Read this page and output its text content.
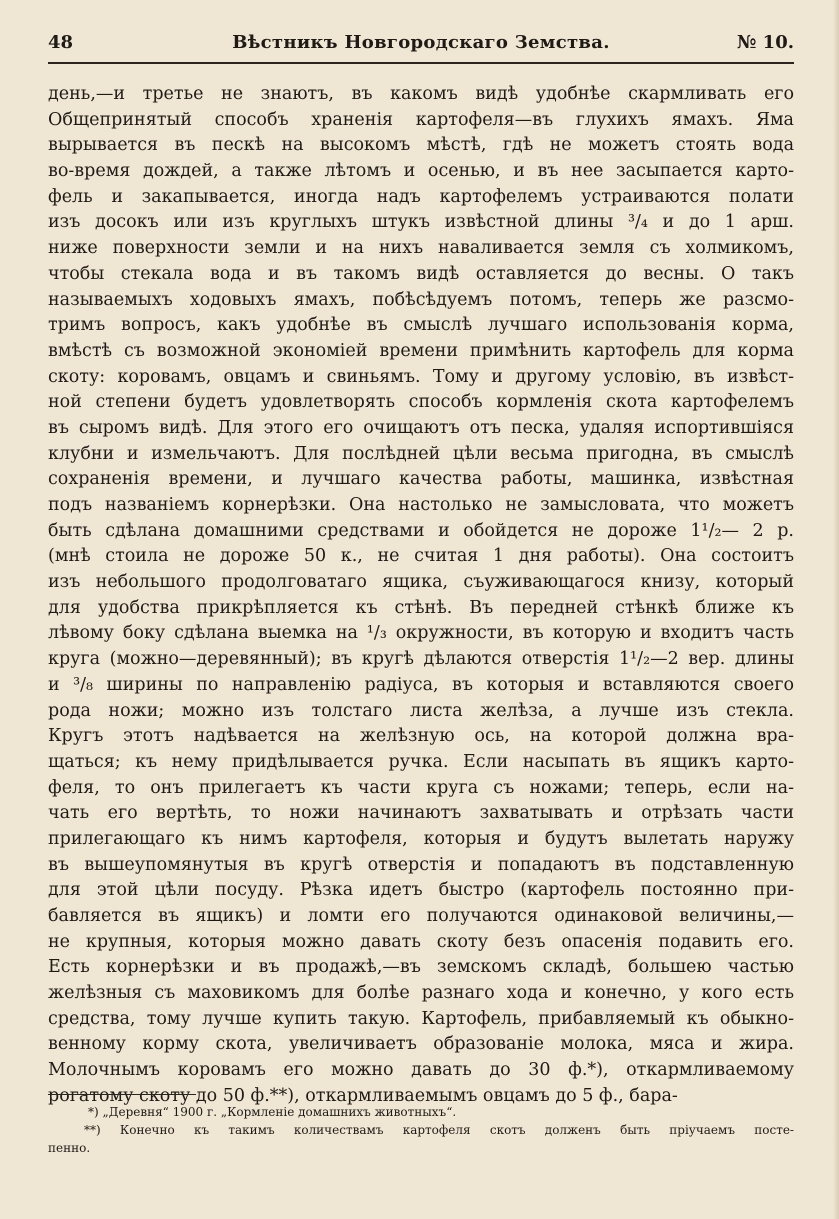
48	Вѣстникъ Новгородскаго Земства.	№ 10.
день,—и третье не знаютъ, въ какомъ видѣ удобнѣе скармливать его
Общепринятый способъ храненія картофеля—въ глухихъ ямахъ. Яма
вырывается въ пескѣ на высокомъ мѣстѣ, гдѣ не можетъ стоять вода
во-время дождей, а также лѣтомъ и осенью, и въ нее засыпается карто-
фель и закапывается, иногда надъ картофелемъ устраиваются полати
изъ досокъ или изъ круглыхъ штукъ извѣстной длины ³/₄ и до 1 арш.
ниже поверхности земли и на нихъ наваливается земля съ холмикомъ,
чтобы стекала вода и въ такомъ видѣ оставляется до весны. О такъ
называемыхъ ходовыхъ ямахъ, побѣсѣдуемъ потомъ, теперь же разсмо-
тримъ вопросъ, какъ удобнѣе въ смыслѣ лучшаго использованія корма,
вмѣстѣ съ возможной экономіей времени примѣнить картофель для корма
скоту: коровамъ, овцамъ и свиньямъ. Тому и другому условію, въ извѣст-
ной степени будетъ удовлетворять способъ кормленія скота картофелемъ
въ сыромъ видѣ. Для этого его очищаютъ отъ песка, удаляя испортившіяся
клубни и измельчаютъ. Для послѣдней цѣли весьма пригодна, въ смыслѣ
сохраненія времени, и лучшаго качества работы, машинка, извѣстная
подъ названіемъ корнерѣзки. Она настолько не замысловата, что можетъ
быть сдѣлана домашними средствами и обойдется не дороже 1¹/₂— 2 р.
(мнѣ стоила не дороже 50 к., не считая 1 дня работы). Она состоитъ
изъ небольшого продолговатаго ящика, съуживающагося книзу, который
для удобства прикрѣпляется къ стѣнѣ. Въ передней стѣнкѣ ближе къ
лѣвому боку сдѣлана выемка на ¹/₃ окружности, въ которую и входитъ часть
круга (можно—деревянный); въ кругѣ дѣлаются отверстія 1¹/₂—2 вер. длины
и ³/₈ ширины по направленію радіуса, въ которыя и вставляются своего
рода ножи; можно изъ толстаго листа желѣза, а лучше изъ стекла.
Кругъ этотъ надѣвается на желѣзную ось, на которой должна вра-
щаться; къ нему придѣлывается ручка. Если насыпать въ ящикъ карто-
феля, то онъ прилегаетъ къ части круга съ ножами; теперь, если на-
чать его вертѣть, то ножи начинаютъ захватывать и отрѣзать части
прилегающаго къ нимъ картофеля, которыя и будутъ вылетать наружу
въ вышеупомянутыя въ кругѣ отверстія и попадаютъ въ подставленную
для этой цѣли посуду. Рѣзка идетъ быстро (картофель постоянно при-
бавляется въ ящикъ) и ломти его получаются одинаковой величины,—
не крупныя, которыя можно давать скоту безъ опасенія подавить его.
Есть корнерѣзки и въ продажѣ,—въ земскомъ складѣ, большею частью
желѣзныя съ маховикомъ для болѣе разнаго хода и конечно, у кого есть
средства, тому лучше купить такую. Картофель, прибавляемый къ обыкно-
венному корму скота, увеличиваетъ образованіе молока, мяса и жира.
Молочнымъ коровамъ его можно давать до 30 ф.*), откармливаемому
рогатому скоту до 50 ф.**), откармливаемымъ овцамъ до 5 ф., бара-
*) „Деревня“ 1900 г. „Кормленіе домашнихъ животныхъ“.
**) Конечно къ такимъ количествамъ картофеля скотъ долженъ быть пріучаемъ посте-
пенно.
